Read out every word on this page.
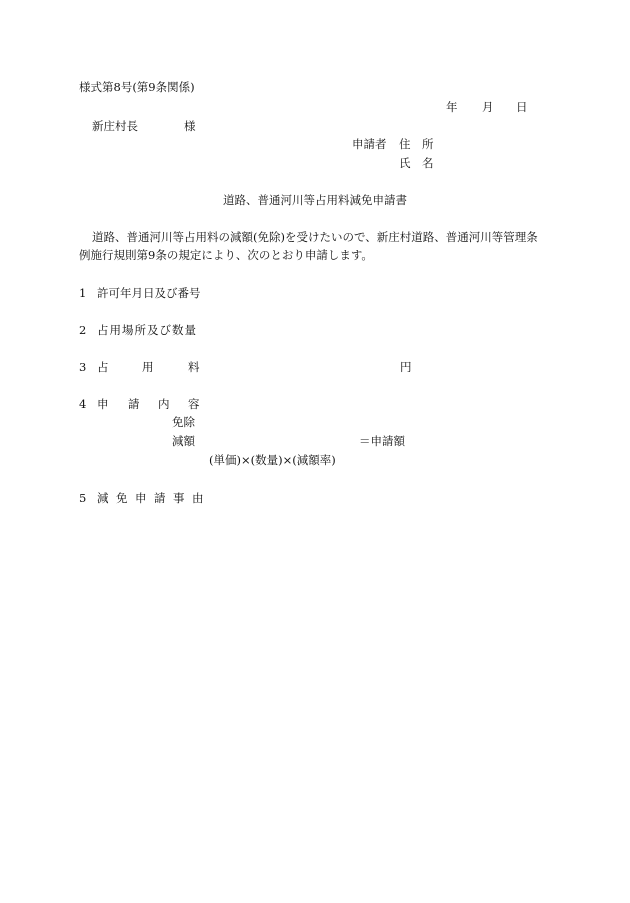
様式第8号(第9条関係)
年 月 日
新庄村長	様
申請者 住　所
氏　名
道路、普通河川等占用料減免申請書
道路、普通河川等占用料の減額(免除)を受けたいので、新庄村道路、普通河川等管理条
例施行規則第9条の規定により、次のとおり申請します。
1 許可年月日及び番号
2 占用場所及び数量
3 占	用	料	円
4 申 請 内 容
免除
減額	＝申請額
(単価)×(数量)×(減額率)
5 減 免 申 請 事 由
